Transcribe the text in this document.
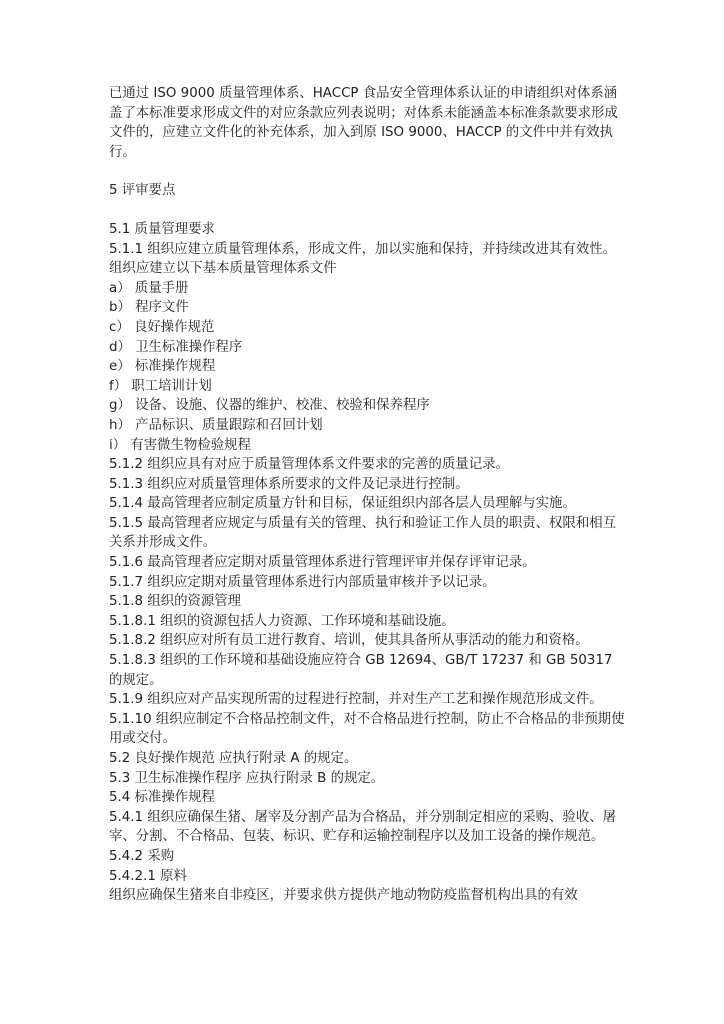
已通过 ISO 9000 质量管理体系、HACCP 食品安全管理体系认证的申请组织对体系涵盖了本标准要求形成文件的对应条款应列表说明；对体系未能涵盖本标准条款要求形成文件的，应建立文件化的补充体系，加入到原 ISO 9000、HACCP 的文件中并有效执行。

5 评审要点

5.1 质量管理要求

5.1.1 组织应建立质量管理体系，形成文件，加以实施和保持，并持续改进其有效性。组织应建立以下基本质量管理体系文件

a） 质量手册

b） 程序文件

c） 良好操作规范

d） 卫生标准操作程序

e） 标准操作规程

f） 职工培训计划

g） 设备、设施、仪器的维护、校准、校验和保养程序

h） 产品标识、质量跟踪和召回计划

i） 有害微生物检验规程

5.1.2 组织应具有对应于质量管理体系文件要求的完善的质量记录。

5.1.3 组织应对质量管理体系所要求的文件及记录进行控制。

5.1.4 最高管理者应制定质量方针和目标，保证组织内部各层人员理解与实施。

5.1.5 最高管理者应规定与质量有关的管理、执行和验证工作人员的职责、权限和相互关系并形成文件。

5.1.6 最高管理者应定期对质量管理体系进行管理评审并保存评审记录。

5.1.7 组织应定期对质量管理体系进行内部质量审核并予以记录。

5.1.8 组织的资源管理

5.1.8.1 组织的资源包括人力资源、工作环境和基础设施。

5.1.8.2 组织应对所有员工进行教育、培训，使其具备所从事活动的能力和资格。

5.1.8.3 组织的工作环境和基础设施应符合 GB 12694、GB/T 17237 和 GB 50317 的规定。

5.1.9 组织应对产品实现所需的过程进行控制，并对生产工艺和操作规范形成文件。

5.1.10 组织应制定不合格品控制文件，对不合格品进行控制，防止不合格品的非预期使用或交付。

5.2 良好操作规范 应执行附录 A 的规定。

5.3 卫生标准操作程序 应执行附录 B 的规定。

5.4 标准操作规程

5.4.1 组织应确保生猪、屠宰及分割产品为合格品，并分别制定相应的采购、验收、屠宰、分割、不合格品、包装、标识、贮存和运输控制程序以及加工设备的操作规范。

5.4.2 采购

5.4.2.1 原料

组织应确保生猪来自非疫区，并要求供方提供产地动物防疫监督机构出具的有效
